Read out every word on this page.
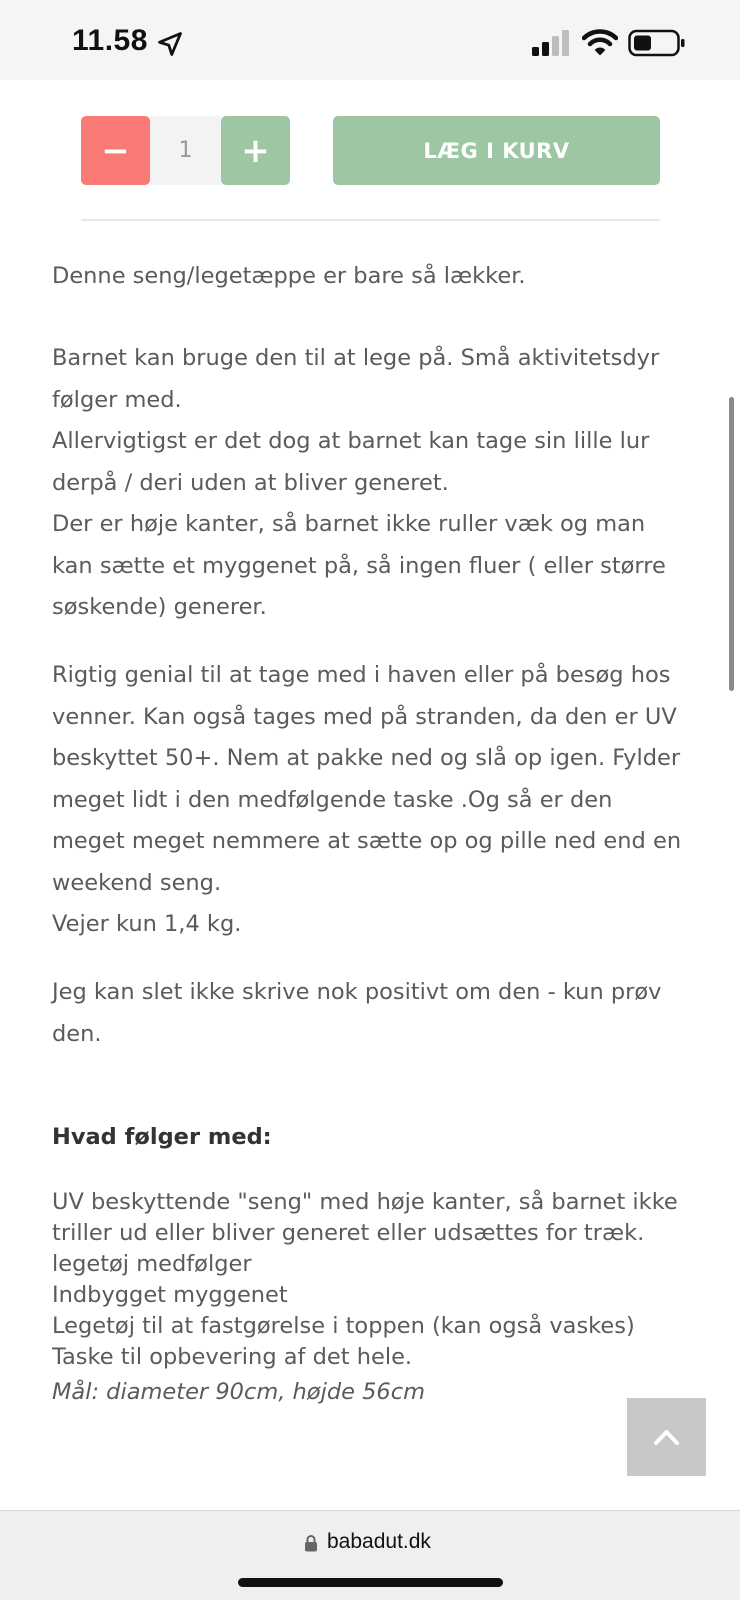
11.58
−
1	+	LÆG I KURV
Denne seng/legetæppe er bare så lækker.
Barnet kan bruge den til at lege på. Små aktivitetsdyr følger med.
Allervigtigst er det dog at barnet kan tage sin lille lur derpå / deri uden at bliver generet.
Der er høje kanter, så barnet ikke ruller væk og man kan sætte et myggenet på, så ingen fluer ( eller større søskende) generer.
Rigtig genial til at tage med i haven eller på besøg hos venner. Kan også tages med på stranden, da den er UV beskyttet 50+. Nem at pakke ned og slå op igen. Fylder meget lidt i den medfølgende taske .Og så er den meget meget nemmere at sætte op og pille ned end en weekend seng.
Vejer kun 1,4 kg.
Jeg kan slet ikke skrive nok positivt om den - kun prøv den.
Hvad følger med:
UV beskyttende "seng" med høje kanter, så barnet ikke triller ud eller bliver generet eller udsættes for træk.
legetøj medfølger
Indbygget myggenet
Legetøj til at fastgørelse i toppen (kan også vaskes)
Taske til opbevering af det hele.
Mål: diameter 90cm, højde 56cm
babadut.dk
